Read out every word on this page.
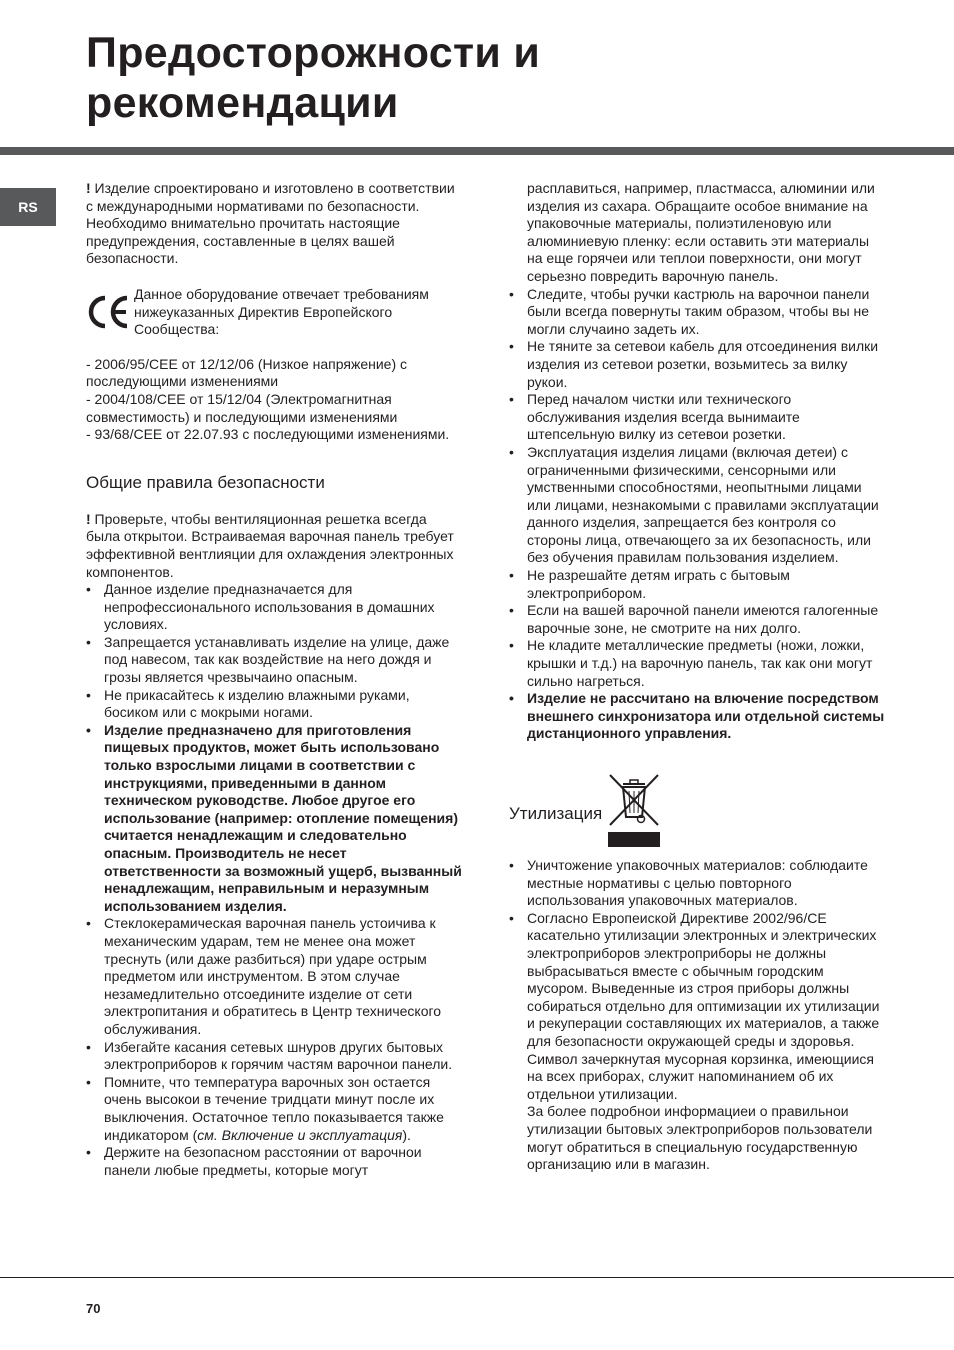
Предосторожности и
рекомендации
RS

! Изделие спроектировано и изготовлено в соответствии с международными нормативами по безопасности. Необходимо внимательно прочитать настоящие предупреждения, составленные в целях вашей безопасности.

Данное оборудование отвечает требованиям нижеуказанных Директив Европейского Сообщества:

- 2006/95/CEE от 12/12/06 (Низкое напряжение) с последующими изменениями

- 2004/108/CEE от 15/12/04 (Электромагнитная совместимость) и последующими изменениями

- 93/68/CEE от 22.07.93 с последующими изменениями.

Общие правила безопасности

! Проверьте, чтобы вентиляционная решетка всегда была открытои. Встраиваемая варочная панель требует эффективной вентлияции для охлаждения электронных компонентов.

• Данное изделие предназначается для непрофессионального использования в домашних условиях.
• Запрещается устанавливать изделие на улице, даже под навесом, так как воздействие на него дождя и грозы является чрезвычаино опасным.
• Не прикасайтесь к изделию влажными руками, босиком или с мокрыми ногами.
• Изделие предназначено для приготовления пищевых продуктов, может быть использовано только взрослыми лицами в соответствии с инструкциями, приведенными в данном техническом руководстве. Любое другое его использование (например: отопление помещения) считается ненадлежащим и следовательно опасным. Производитель не несет ответственности за возможный ущерб, вызванный ненадлежащим, неправильным и неразумным использованием изделия.
• Стеклокерамическая варочная панель устоичива к механическим ударам, тем не менее она может треснуть (или даже разбиться) при ударе острым предметом или инструментом. В этом случае незамедлительно отсоедините изделие от сети электропитания и обратитесь в Центр технического обслуживания.
• Избегайте касания сетевых шнуров других бытовых электроприборов к горячим частям варочнои панели.
• Помните, что температура варочных зон остается очень высокои в течение тридцати минут после их выключения. Остаточное тепло показывается также индикатором (см. Включение и эксплуатация).
• Держите на безопасном расстоянии от варочнои панели любые предметы, которые могут

расплавиться, например, пластмасса, алюминии или изделия из сахара. Обращаите особое внимание на упаковочные материалы, полиэтиленовую или алюминиевую пленку: если оставить эти материалы на еще горячеи или теплои поверхности, они могут серьезно повредить варочную панель.

• Следите, чтобы ручки кастрюль на варочнои панели были всегда повернуты таким образом, чтобы вы не могли случаино задеть их.
• Не тяните за сетевои кабель для отсоединения вилки изделия из сетевои розетки, возьмитесь за вилку рукои.
• Перед началом чистки или технического обслуживания изделия всегда вынимаите штепсельную вилку из сетевои розетки.
• Эксплуатация изделия лицами (включая детеи) с ограниченными физическими, сенсорными или умственными способностями, неопытными лицами или лицами, незнакомыми с правилами эксплуатации данного изделия, запрещается без контроля со стороны лица, отвечающего за их безопасность, или без обучения правилам пользования изделием.
• Не разрешайте детям играть с бытовым электроприбором.
• Если на вашей варочной панели имеются галогенные варочные зоне, не смотрите на них долго.
• Не кладите металлические предметы (ножи, ложки, крышки и т.д.) на варочную панель, так как они могут сильно нагреться.
• Изделие не рассчитано на влючение посредством внешнего синхронизатора или отдельной системы дистанционного управления.
Утилизация
• Уничтожение упаковочных материалов: соблюдаите местные нормативы с целью повторного использования упаковочных материалов.
• Согласно Европеиской Директиве 2002/96/CE касательно утилизации электронных и электрических электроприборов электроприборы не должны выбрасываться вместе с обычным городским мусором. Выведенные из строя приборы должны собираться отдельно для оптимизации их утилизации и рекуперации составляющих их материалов, а также для безопасности окружающей среды и здоровья. Символ зачеркнутая мусорная корзинка, имеющиися на всех приборах, служит напоминанием об их отдельнои утилизации.

За более подробнои информациеи о правильнои утилизации бытовых электроприборов пользователи могут обратиться в специальную государственную организацию или в магазин.

70
